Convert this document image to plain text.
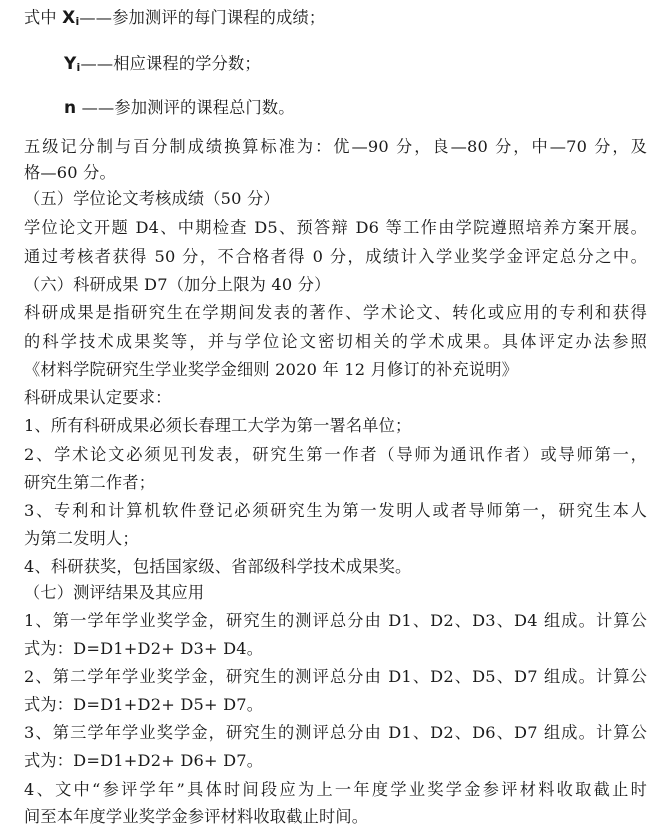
式中 $X_i——$参加测评的每门课程的成绩；
$Y_i——$相应课程的学分数；
n ——参加测评的课程总门数。
五级记分制与百分制成绩换算标准为：优—90 分，良—80 分，中—70 分，及
格—60 分。
（五）学位论文考核成绩（50 分）
学位论文开题 D4、中期检查 D5、预答辩 D6 等工作由学院遵照培养方案开展。
通过考核者获得 50 分，不合格者得 0 分，成绩计入学业奖学金评定总分之中。
（六）科研成果 D7（加分上限为 40 分）
科研成果是指研究生在学期间发表的著作、学术论文、转化或应用的专利和获得
的科学技术成果奖等，并与学位论文密切相关的学术成果。具体评定办法参照
《材料学院研究生学业奖学金细则 2020 年 12 月修订的补充说明》
科研成果认定要求：
1、所有科研成果必须长春理工大学为第一署名单位；
2、学术论文必须见刊发表，研究生第一作者（导师为通讯作者）或导师第一，
研究生第二作者；
3、专利和计算机软件登记必须研究生为第一发明人或者导师第一，研究生本人
为第二发明人；
4、科研获奖，包括国家级、省部级科学技术成果奖。
（七）测评结果及其应用
1、第一学年学业奖学金，研究生的测评总分由 D1、D2、D3、D4 组成。计算公
式为：D=D1+D2+ D3+ D4。
2、第二学年学业奖学金，研究生的测评总分由 D1、D2、D5、D7 组成。计算公
式为：D=D1+D2+ D5+ D7。
3、第三学年学业奖学金，研究生的测评总分由 D1、D2、D6、D7 组成。计算公
式为：D=D1+D2+ D6+ D7。
4、文中“参评学年”具体时间段应为上一年度学业奖学金参评材料收取截止时
间至本年度学业奖学金参评材料收取截止时间。
